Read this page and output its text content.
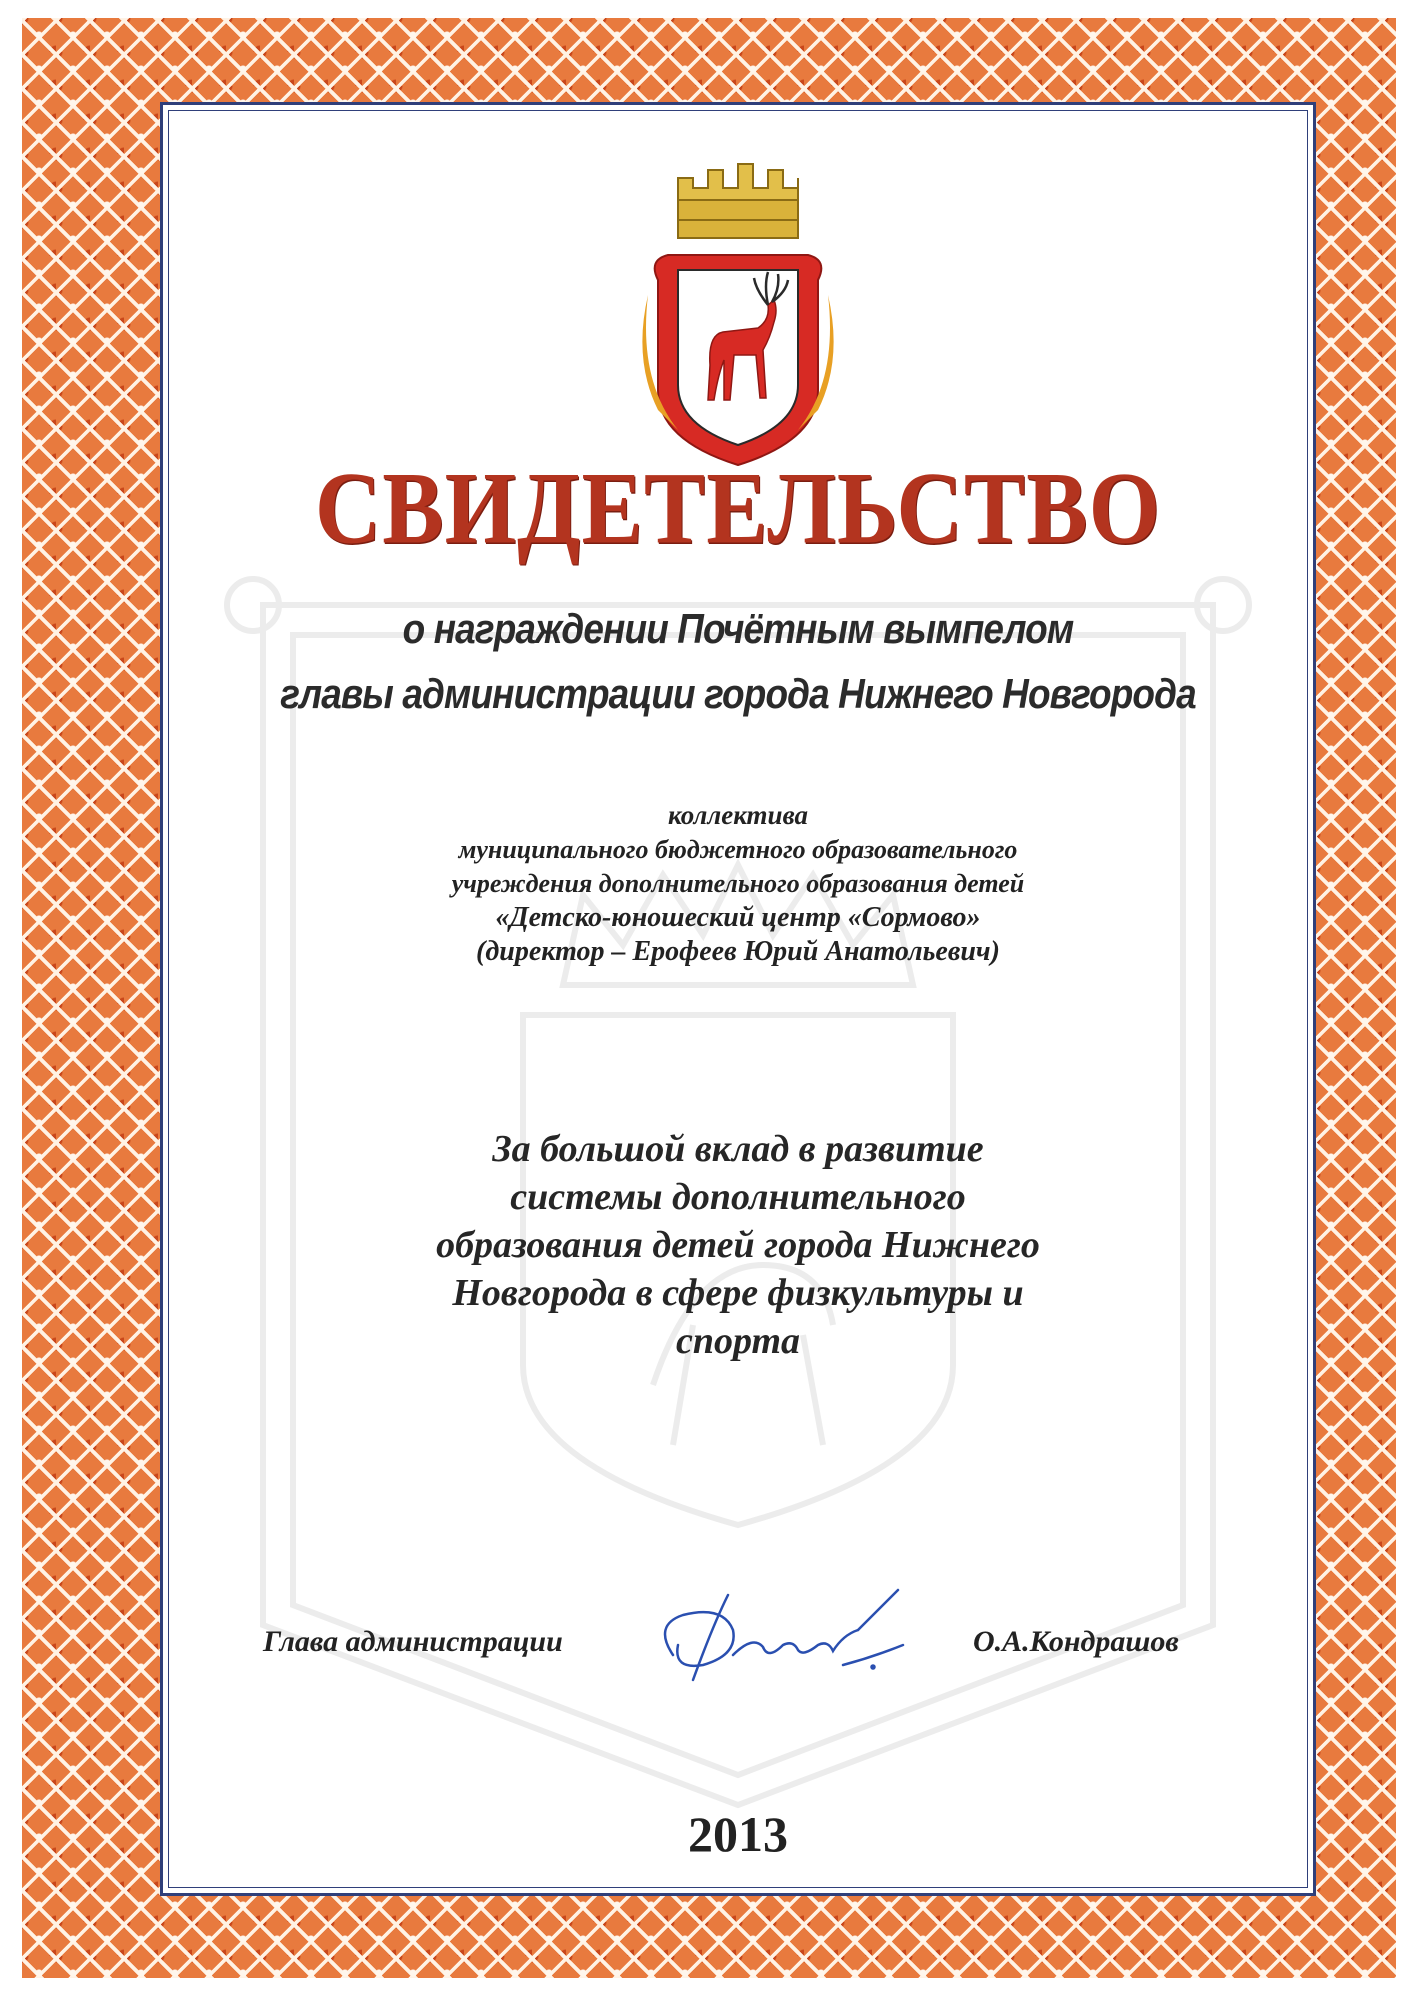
СВИДЕТЕЛЬСТВО
о награждении Почётным вымпелом
главы администрации города Нижнего Новгорода
коллектива
муниципального бюджетного образовательного
учреждения дополнительного образования детей
«Детско-юношеский центр «Сормово»
(директор – Ерофеев Юрий Анатольевич)
За большой вклад в развитие
системы дополнительного
образования детей города Нижнего
Новгорода в сфере физкультуры и
спорта
Глава администрации	О.А.Кондрашов
2013
